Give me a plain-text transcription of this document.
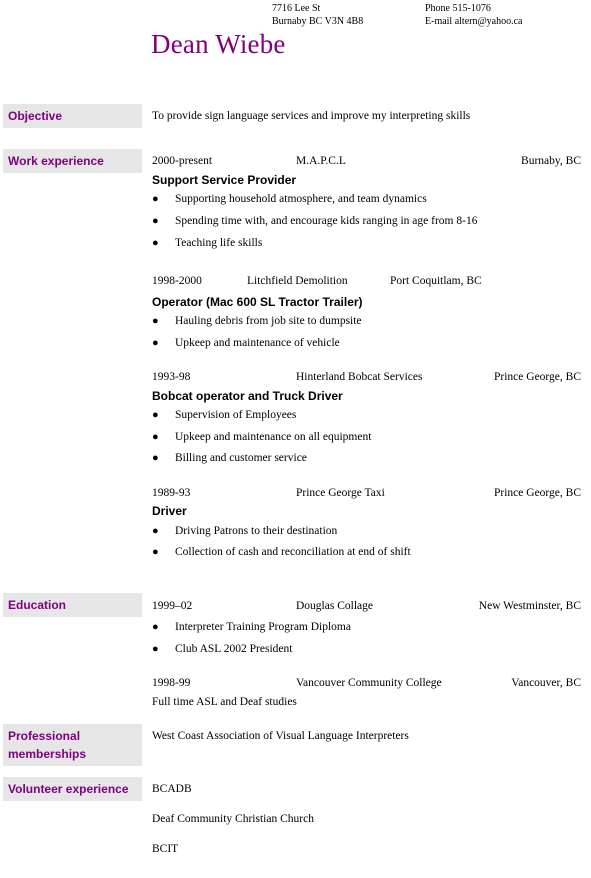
7716 Lee St
Burnaby BC V3N 4B8
Phone 515-1076
E-mail altern@yahoo.ca
Dean Wiebe
Objective	To provide sign language services and improve my interpreting skills
Work experience	2000-present	M.A.P.C.L	Burnaby, BC
Support Service Provider
● Supporting household atmosphere, and team dynamics
● Spending time with, and encourage kids ranging in age from 8-16
● Teaching life skills
1998-2000	Litchfield Demolition	Port Coquitlam, BC
Operator (Mac 600 SL Tractor Trailer)
● Hauling debris from job site to dumpsite
● Upkeep and maintenance of vehicle
1993-98	Hinterland Bobcat Services	Prince George, BC
Bobcat operator and Truck Driver
● Supervision of Employees
● Upkeep and maintenance on all equipment
● Billing and customer service
1989-93	Prince George Taxi	Prince George, BC
Driver
● Driving Patrons to their destination
● Collection of cash and reconciliation at end of shift
Education	1999–02	Douglas Collage	New Westminster, BC
● Interpreter Training Program Diploma
● Club ASL 2002 President
1998-99	Vancouver Community College	Vancouver, BC
Full time ASL and Deaf studies
Professional
memberships
West Coast Association of Visual Language Interpreters
Volunteer experience	BCADB
Deaf Community Christian Church
BCIT
